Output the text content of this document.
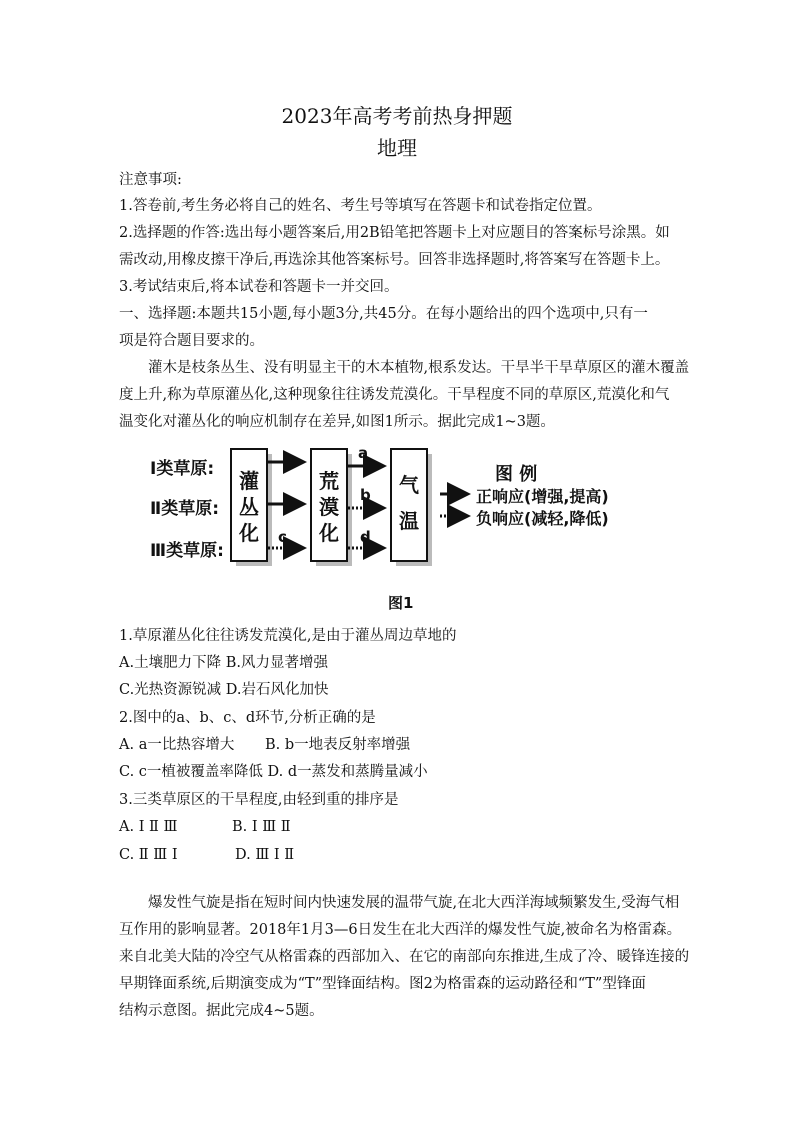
2023年高考考前热身押题
地理
注意事项:
1.答卷前,考生务必将自己的姓名、考生号等填写在答题卡和试卷指定位置。
2.选择题的作答:选出每小题答案后,用2B铅笔把答题卡上对应题目的答案标号涂黑。如
需改动,用橡皮擦干净后,再选涂其他答案标号。回答非选择题时,将答案写在答题卡上。
3.考试结束后,将本试卷和答题卡一并交回。
一、选择题:本题共15小题,每小题3分,共45分。在每小题给出的四个选项中,只有一
项是符合题目要求的。
灌木是枝条丛生、没有明显主干的木本植物,根系发达。干旱半干旱草原区的灌木覆盖
度上升,称为草原灌丛化,这种现象往往诱发荒漠化。干旱程度不同的草原区,荒漠化和气
温变化对灌丛化的响应机制存在差异,如图1所示。据此完成1~3题。
Ⅰ类草原:
Ⅱ类草原:
Ⅲ类草原:
灌
丛
化
荒
漠
化
气
温
a
b
c	d
图 例
正响应(增强,提高)
负响应(减轻,降低)
图1
1.草原灌丛化往往诱发荒漠化,是由于灌丛周边草地的
A.土壤肥力下降 B.风力显著增强
C.光热资源锐减 D.岩石风化加快
2.图中的a、b、c、d环节,分析正确的是
A. a一比热容增大 B. b一地表反射率增强
C. c一植被覆盖率降低 D. d一蒸发和蒸腾量减小
3.三类草原区的干旱程度,由轻到重的排序是
A. Ⅰ Ⅱ Ⅲ	B. Ⅰ Ⅲ Ⅱ
C. Ⅱ Ⅲ Ⅰ	D. Ⅲ Ⅰ Ⅱ
爆发性气旋是指在短时间内快速发展的温带气旋,在北大西洋海域频繁发生,受海气相
互作用的影响显著。2018年1月3—6日发生在北大西洋的爆发性气旋,被命名为格雷森。
来自北美大陆的冷空气从格雷森的西部加入、在它的南部向东推进,生成了冷、暖锋连接的
早期锋面系统,后期演变成为“T”型锋面结构。图2为格雷森的运动路径和“T”型锋面
结构示意图。据此完成4~5题。
